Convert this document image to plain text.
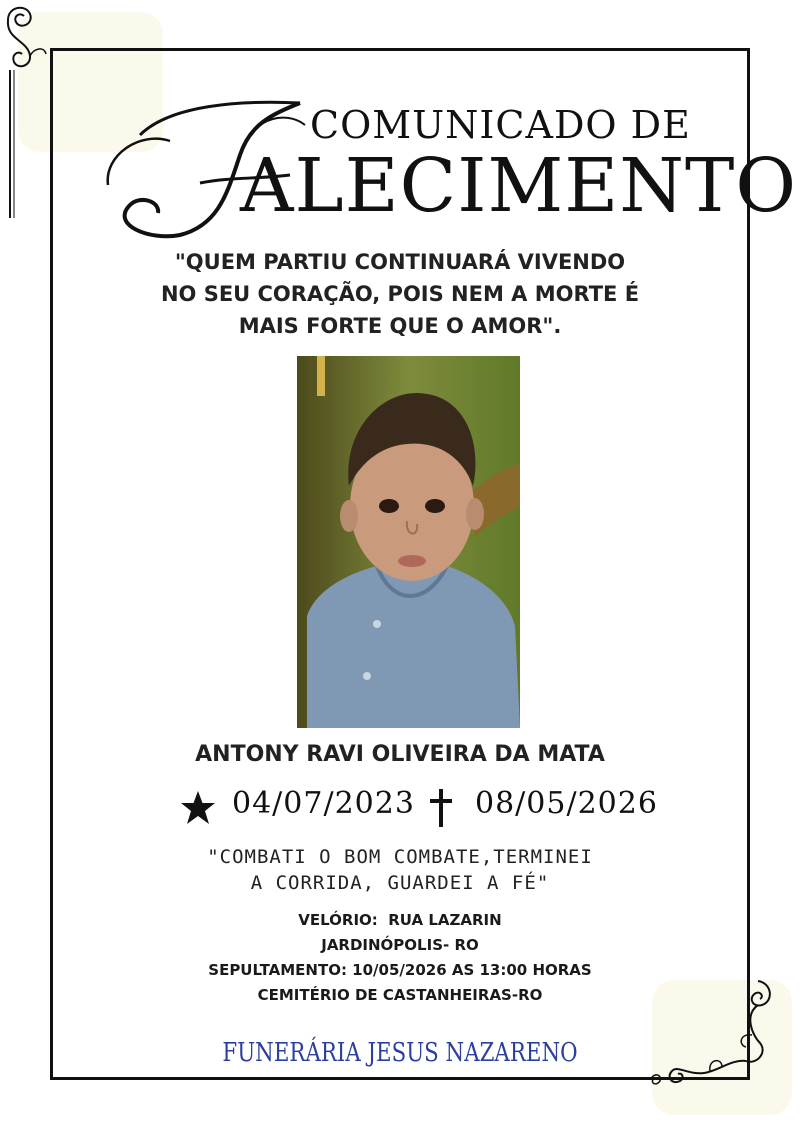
COMUNICADO DE
ALECIMENTO
"QUEM PARTIU CONTINUARÁ VIVENDO
NO SEU CORAÇÃO, POIS NEM A MORTE É
MAIS FORTE QUE O AMOR".
ANTONY RAVI OLIVEIRA DA MATA
04/07/2023 08/05/2026
"COMBATI O BOM COMBATE,TERMINEI
A CORRIDA, GUARDEI A FÉ"
VELÓRIO:  RUA LAZARIN
JARDINÓPOLIS- RO
SEPULTAMENTO: 10/05/2026 AS 13:00 HORAS
CEMITÉRIO DE CASTANHEIRAS-RO
FUNERÁRIA JESUS NAZARENO
